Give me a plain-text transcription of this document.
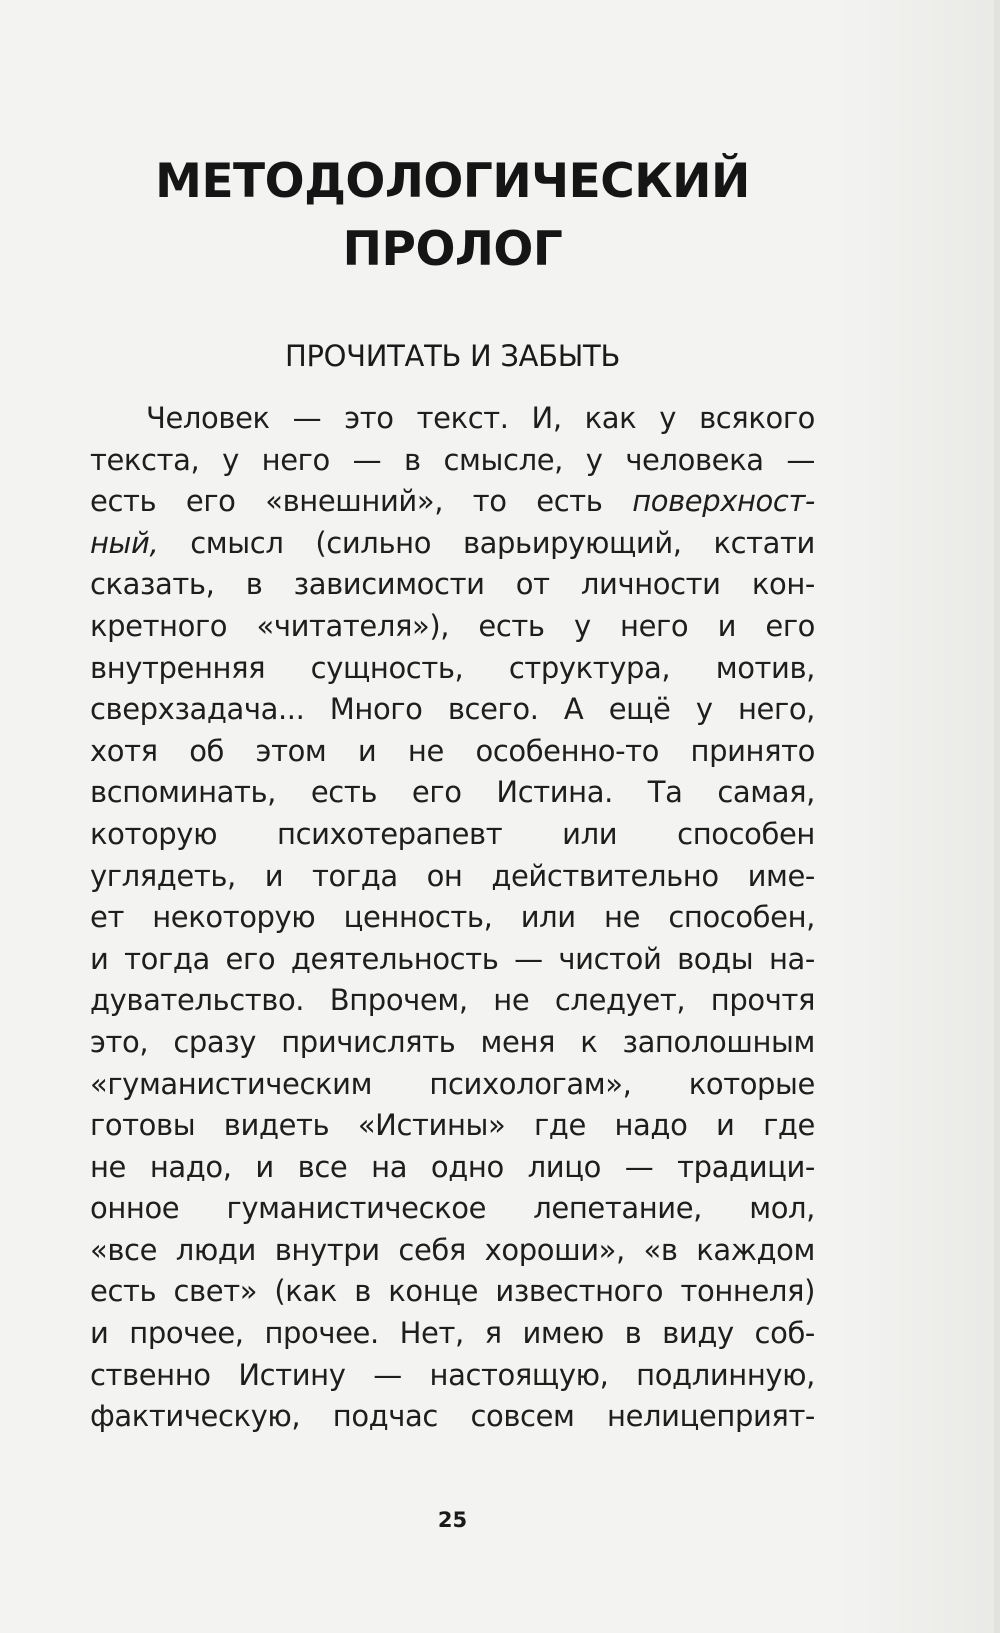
МЕТОДОЛОГИЧЕСКИЙ
ПРОЛОГ
ПРОЧИТАТЬ И ЗАБЫТЬ
Человек — это текст. И, как у всякого
текста, у него — в смысле, у человека —
есть его «внешний», то есть поверхност-
ный, смысл (сильно варьирующий, кстати
сказать, в зависимости от личности кон-
кретного «читателя»), есть у него и его
внутренняя сущность, структура, мотив,
сверхзадача... Много всего. А ещё у него,
хотя об этом и не особенно-то принято
вспоминать, есть его Истина. Та самая,
которую психотерапевт или способен
углядеть, и тогда он действительно име-
ет некоторую ценность, или не способен,
и тогда его деятельность — чистой воды на-
дувательство. Впрочем, не следует, прочтя
это, сразу причислять меня к заполошным
«гуманистическим психологам», которые
готовы видеть «Истины» где надо и где
не надо, и все на одно лицо — традици-
онное гуманистическое лепетание, мол,
«все люди внутри себя хороши», «в каждом
есть свет» (как в конце известного тоннеля)
и прочее, прочее. Нет, я имею в виду соб-
ственно Истину — настоящую, подлинную,
фактическую, подчас совсем нелицеприят-
25
